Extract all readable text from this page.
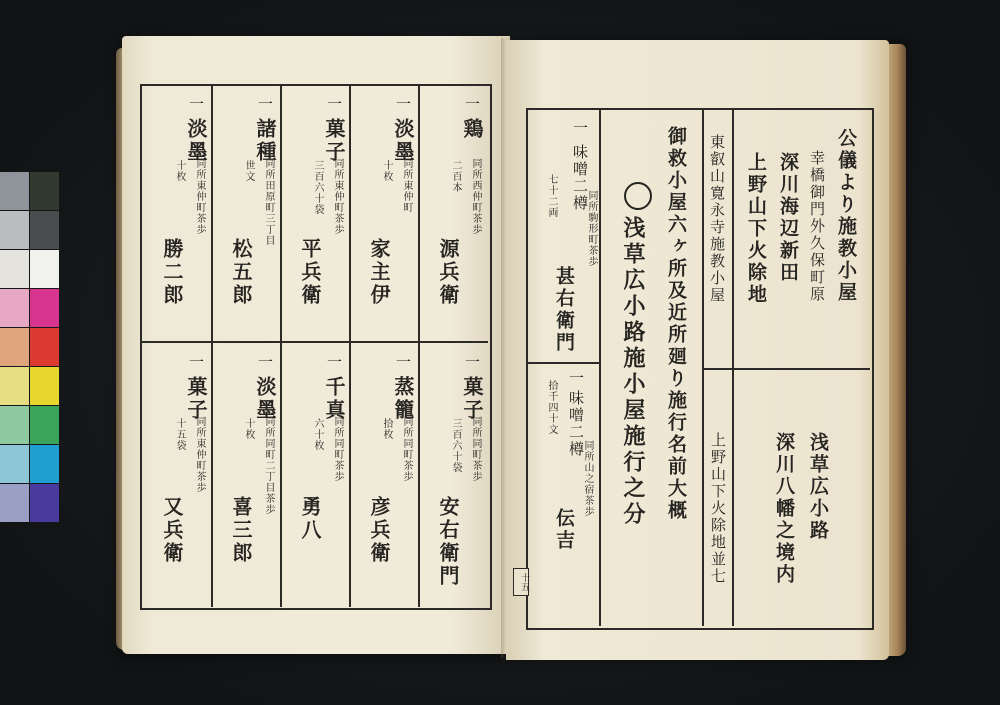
一
鶏
二百本 同所西仲町茶歩
源兵衛
一
淡墨
十枚 同所東仲町
家主伊
一
菓子
三百六十袋 同所東仲町茶歩
平兵衛
一
諸種
世文 同所田原町三丁目
松五郎
一
淡墨
十枚 同所東仲町茶歩
勝二郎
一
菓子
三百六十袋 同所同町茶歩
安右衛門
一
蒸籠
拾枚 同所同町茶歩
彦兵衛
一
千真
六十枚 同所同町茶歩
勇八
一
淡墨
十枚 同所同町二丁目茶歩
喜三郎
一
菓子
十五袋 同所東仲町茶歩
又兵衛
公儀より施教小屋
幸橋御門外久保町原
深川海辺新田
上野山下火除地
東叡山寛永寺施教小屋
浅草広小路
深川八幡之境内
上野山下火除地並七
御救小屋六ヶ所及近所廻り施行名前大概
浅草広小路施小屋施行之分
一
味噌二樽
同所駒形町茶歩
七十二両
甚右衛門
一
味噌二樽
同所山之宿茶歩
拾千四十文
伝吉
十五
